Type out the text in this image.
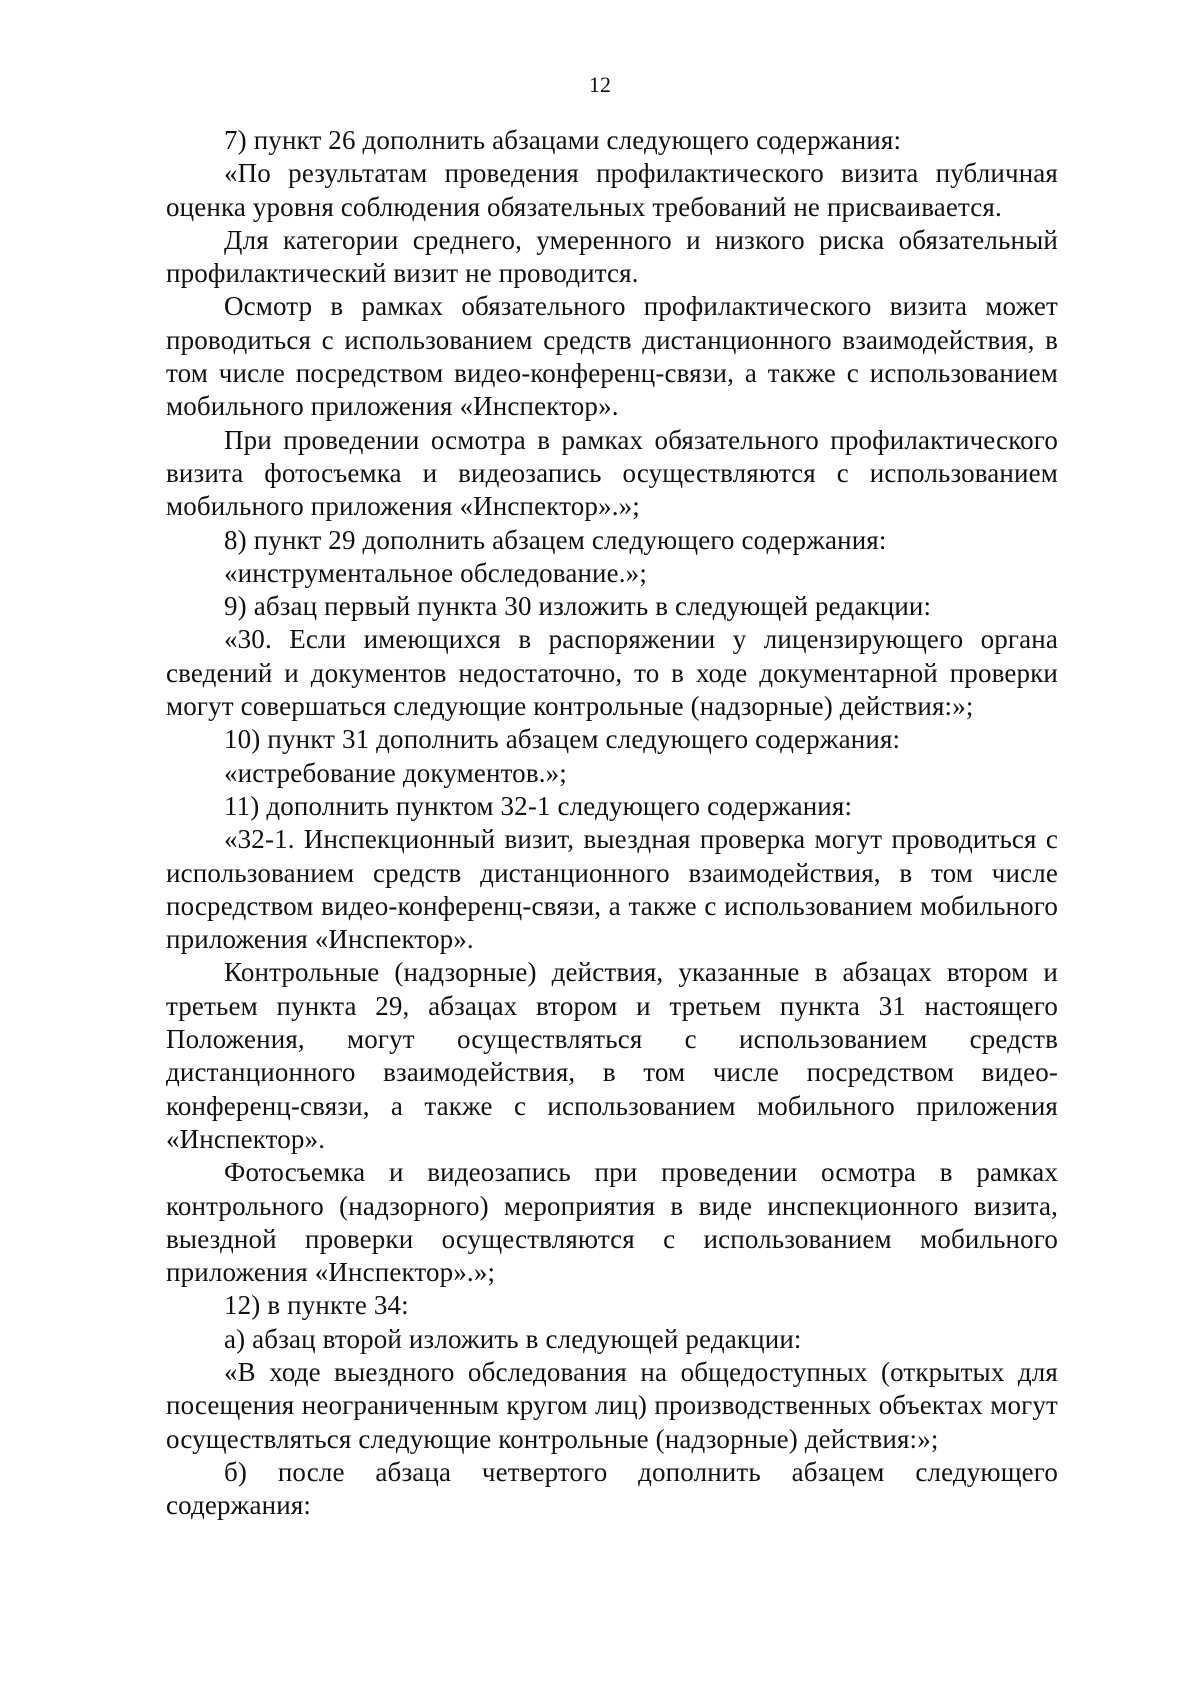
12

7) пункт 26 дополнить абзацами следующего содержания:

«По результатам проведения профилактического визита публичная оценка уровня соблюдения обязательных требований не присваивается.

Для категории среднего, умеренного и низкого риска обязательный профилактический визит не проводится.

Осмотр в рамках обязательного профилактического визита может проводиться с использованием средств дистанционного взаимодействия, в том числе посредством видео-конференц-связи, а также с использованием мобильного приложения «Инспектор».

При проведении осмотра в рамках обязательного профилактического визита фотосъемка и видеозапись осуществляются с использованием мобильного приложения «Инспектор».»;

8) пункт 29 дополнить абзацем следующего содержания:

«инструментальное обследование.»;

9) абзац первый пункта 30 изложить в следующей редакции:

«30. Если имеющихся в распоряжении у лицензирующего органа сведений и документов недостаточно, то в ходе документарной проверки могут совершаться следующие контрольные (надзорные) действия:»;

10) пункт 31 дополнить абзацем следующего содержания:

«истребование документов.»;

11) дополнить пунктом 32-1 следующего содержания:

«32-1. Инспекционный визит, выездная проверка могут проводиться с использованием средств дистанционного взаимодействия, в том числе посредством видео-конференц-связи, а также с использованием мобильного приложения «Инспектор».

Контрольные (надзорные) действия, указанные в абзацах втором и третьем пункта 29, абзацах втором и третьем пункта 31 настоящего Положения, могут осуществляться с использованием средств дистанционного взаимодействия, в том числе посредством видео-конференц-связи, а также с использованием мобильного приложения «Инспектор».

Фотосъемка и видеозапись при проведении осмотра в рамках контрольного (надзорного) мероприятия в виде инспекционного визита, выездной проверки осуществляются с использованием мобильного приложения «Инспектор».»;

12) в пункте 34:

а) абзац второй изложить в следующей редакции:

«В ходе выездного обследования на общедоступных (открытых для посещения неограниченным кругом лиц) производственных объектах могут осуществляться следующие контрольные (надзорные) действия:»;

б) после абзаца четвертого дополнить абзацем следующего содержания:
